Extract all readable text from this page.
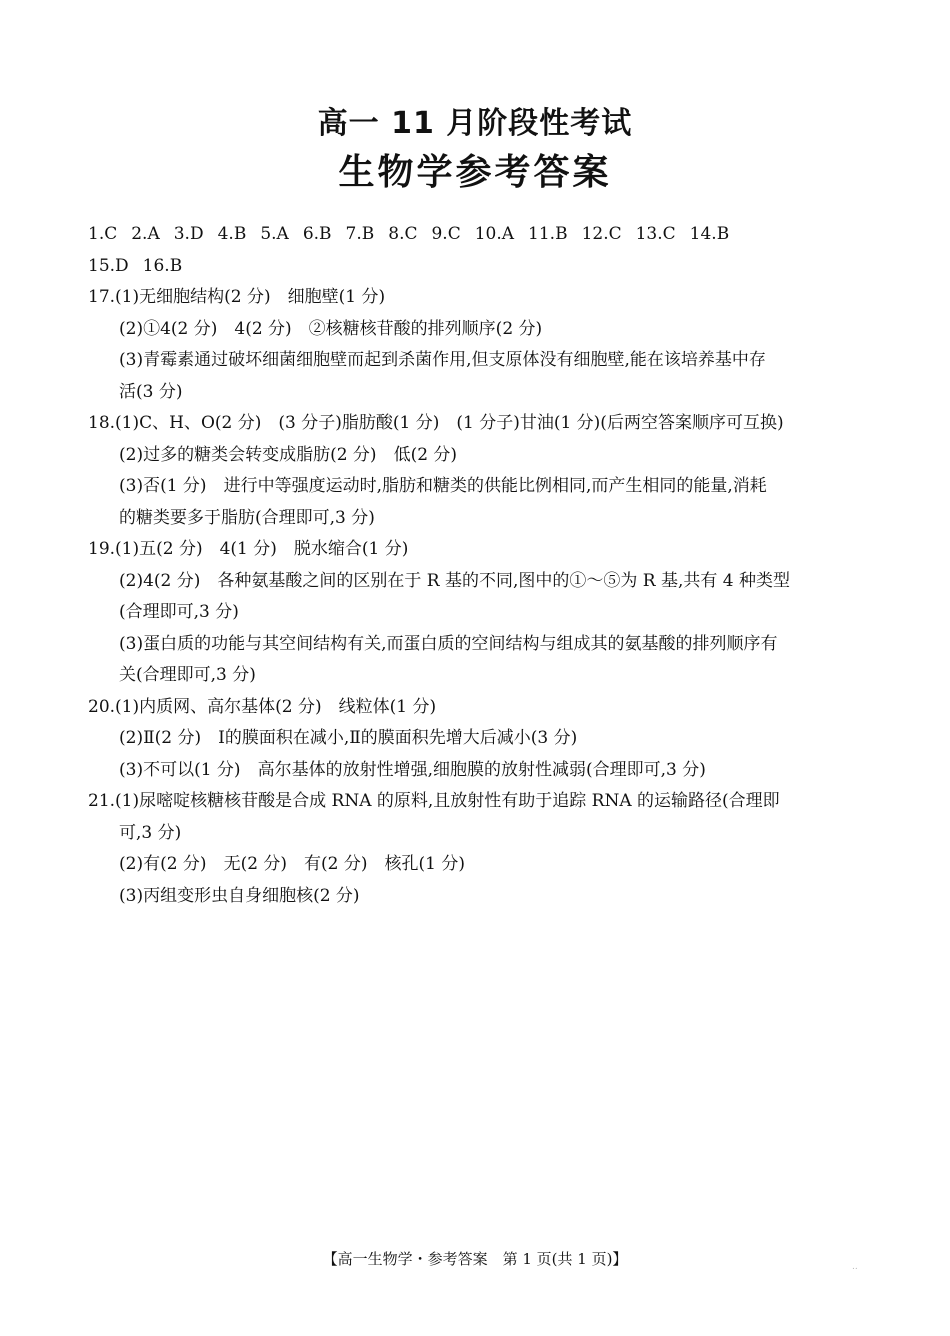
高一 11 月阶段性考试
生物学参考答案
1.C 2.A 3.D 4.B 5.A 6.B 7.B 8.C 9.C 10.A 11.B 12.C 13.C 14.B
15.D 16.B
17.(1)无细胞结构(2 分)　细胞壁(1 分)
(2)①4(2 分)　4(2 分)　②核糖核苷酸的排列顺序(2 分)
(3)青霉素通过破坏细菌细胞壁而起到杀菌作用,但支原体没有细胞壁,能在该培养基中存
活(3 分)
18.(1)C、H、O(2 分)　(3 分子)脂肪酸(1 分)　(1 分子)甘油(1 分)(后两空答案顺序可互换)
(2)过多的糖类会转变成脂肪(2 分)　低(2 分)
(3)否(1 分)　进行中等强度运动时,脂肪和糖类的供能比例相同,而产生相同的能量,消耗
的糖类要多于脂肪(合理即可,3 分)
19.(1)五(2 分)　4(1 分)　脱水缩合(1 分)
(2)4(2 分)　各种氨基酸之间的区别在于 R 基的不同,图中的①～⑤为 R 基,共有 4 种类型
(合理即可,3 分)
(3)蛋白质的功能与其空间结构有关,而蛋白质的空间结构与组成其的氨基酸的排列顺序有
关(合理即可,3 分)
20.(1)内质网、高尔基体(2 分)　线粒体(1 分)
(2)Ⅱ(2 分)　Ⅰ的膜面积在减小,Ⅱ的膜面积先增大后减小(3 分)
(3)不可以(1 分)　高尔基体的放射性增强,细胞膜的放射性减弱(合理即可,3 分)
21.(1)尿嘧啶核糖核苷酸是合成 RNA 的原料,且放射性有助于追踪 RNA 的运输路径(合理即
可,3 分)
(2)有(2 分)　无(2 分)　有(2 分)　核孔(1 分)
(3)丙组变形虫自身细胞核(2 分)
【高一生物学・参考答案　第 1 页(共 1 页)】	..
